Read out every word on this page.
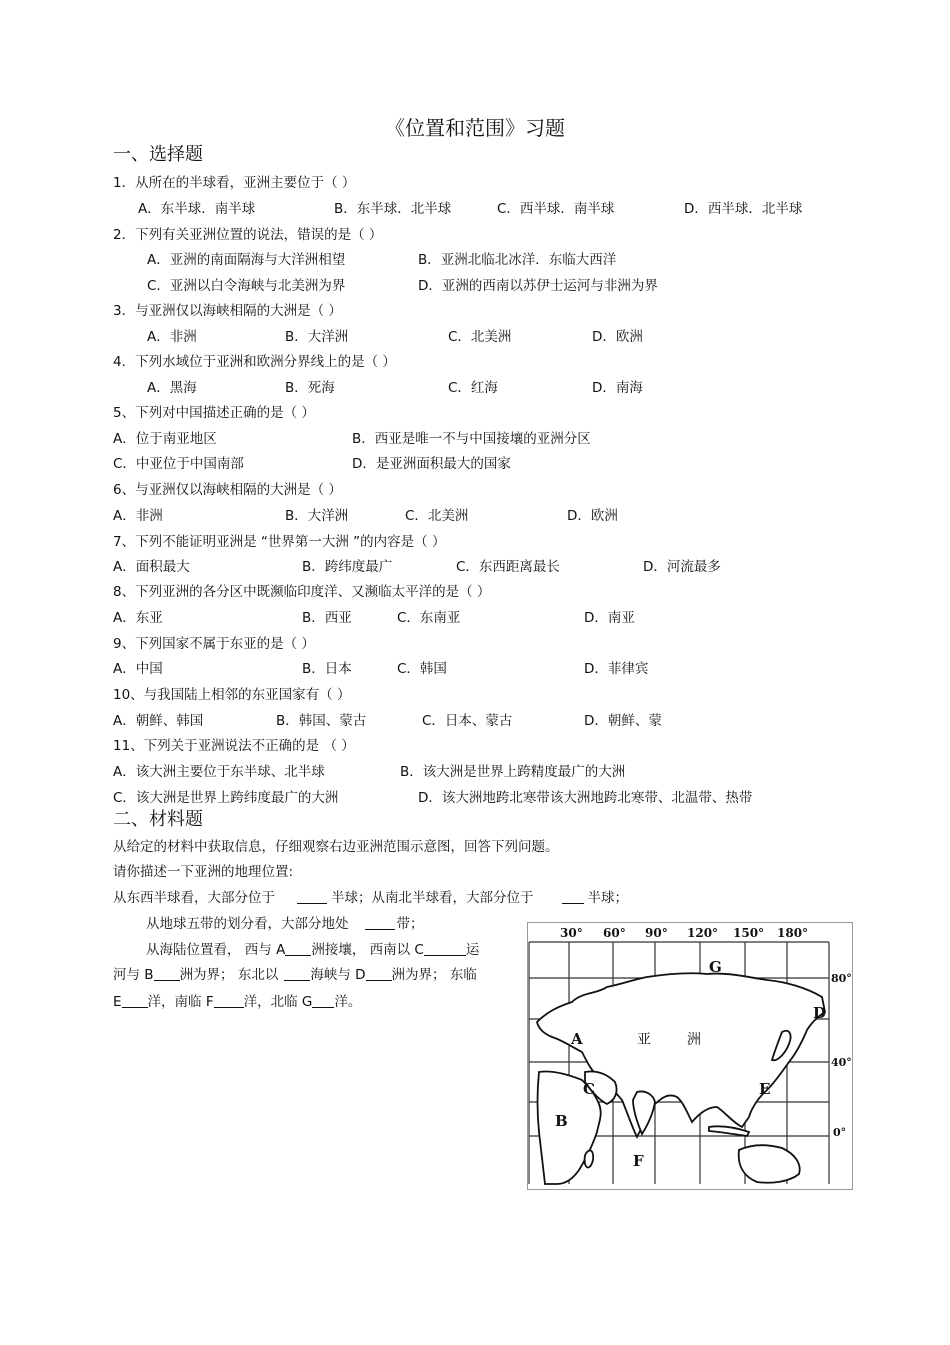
《位置和范围》习题
一、选择题
1．从所在的半球看，亚洲主要位于（ ）
A．东半球．南半球	B．东半球．北半球	C．西半球．南半球	D．西半球．北半球
2．下列有关亚洲位置的说法，错误的是（ ）
A．亚洲的南面隔海与大洋洲相望	B．亚洲北临北冰洋．东临大西洋
C．亚洲以白令海峡与北美洲为界	D．亚洲的西南以苏伊士运河与非洲为界
3．与亚洲仅以海峡相隔的大洲是（ ）
A．非洲	B．大洋洲	C．北美洲	D．欧洲
4．下列水域位于亚洲和欧洲分界线上的是（ ）
A．黑海	B．死海	C．红海	D．南海
5、下列对中国描述正确的是（ ）
A．位于南亚地区	B．西亚是唯一不与中国接壤的亚洲分区
C．中亚位于中国南部	D．是亚洲面积最大的国家
6、与亚洲仅以海峡相隔的大洲是（ ）
A．非洲	B．大洋洲	C．北美洲	D．欧洲
7、下列不能证明亚洲是 “世界第一大洲 ”的内容是（ ）
A．面积最大	B．跨纬度最广	C．东西距离最长	D．河流最多
8、下列亚洲的各分区中既濒临印度洋、又濒临太平洋的是（ ）
A．东亚	B．西亚	C．东南亚	D．南亚
9、下列国家不属于东亚的是（ ）
A．中国	B．日本	C．韩国	D．菲律宾
10、与我国陆上相邻的东亚国家有（ ）
A．朝鲜、韩国	B．韩国、蒙古	C．日本、蒙古	D．朝鲜、蒙
11、下列关于亚洲说法不正确的是 （ ）
A．该大洲主要位于东半球、北半球	B．该大洲是世界上跨精度最广的大洲
C．该大洲是世界上跨纬度最广的大洲	D．该大洲地跨北寒带该大洲地跨北寒带、北温带、热带
二、材料题
从给定的材料中获取信息，仔细观察右边亚洲范围示意图，回答下列问题。
请你描述一下亚洲的地理位置:
从东西半球看，大部分位于	半球；从南北半球看，大部分位于	半球；
从地球五带的划分看，大部分地处	带；
从海陆位置看， 西与 A 洲接壤， 西南以 C	运
河与 B 洲为界； 东北以 海峡与 D 洲为界； 东临
E 洋，南临 F 洋，北临 G 洋。
30° 60° 90° 120° 150° 180°
80°
40°
0°
G
A
C
B
E
F
D
亚	洲
